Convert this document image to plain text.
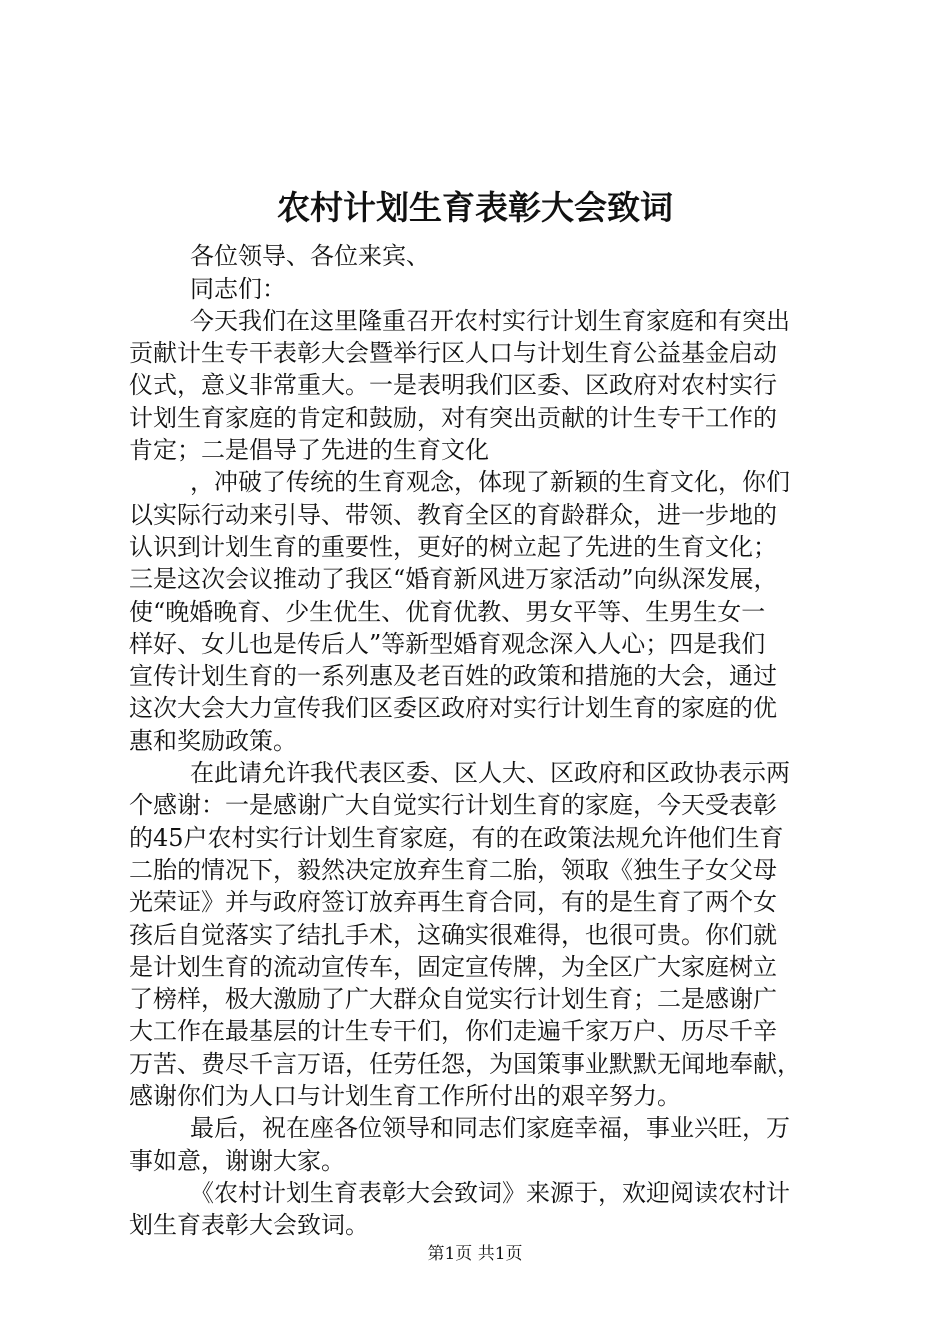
农村计划生育表彰大会致词
各位领导、各位来宾、
同志们：
今天我们在这里隆重召开农村实行计划生育家庭和有突出
贡献计生专干表彰大会暨举行区人口与计划生育公益基金启动
仪式，意义非常重大。一是表明我们区委、区政府对农村实行
计划生育家庭的肯定和鼓励，对有突出贡献的计生专干工作的
肯定；二是倡导了先进的生育文化
，冲破了传统的生育观念，体现了新颖的生育文化，你们
以实际行动来引导、带领、教育全区的育龄群众，进一步地的
认识到计划生育的重要性，更好的树立起了先进的生育文化；
三是这次会议推动了我区“婚育新风进万家活动”向纵深发展，
使“晚婚晚育、少生优生、优育优教、男女平等、生男生女一
样好、女儿也是传后人”等新型婚育观念深入人心；四是我们
宣传计划生育的一系列惠及老百姓的政策和措施的大会，通过
这次大会大力宣传我们区委区政府对实行计划生育的家庭的优
惠和奖励政策。
在此请允许我代表区委、区人大、区政府和区政协表示两
个感谢：一是感谢广大自觉实行计划生育的家庭，今天受表彰
的45户农村实行计划生育家庭，有的在政策法规允许他们生育
二胎的情况下，毅然决定放弃生育二胎，领取《独生子女父母
光荣证》并与政府签订放弃再生育合同，有的是生育了两个女
孩后自觉落实了结扎手术，这确实很难得，也很可贵。你们就
是计划生育的流动宣传车，固定宣传牌，为全区广大家庭树立
了榜样，极大激励了广大群众自觉实行计划生育；二是感谢广
大工作在最基层的计生专干们，你们走遍千家万户、历尽千辛
万苦、费尽千言万语，任劳任怨，为国策事业默默无闻地奉献，
感谢你们为人口与计划生育工作所付出的艰辛努力。
最后，祝在座各位领导和同志们家庭幸福，事业兴旺，万
事如意，谢谢大家。
《农村计划生育表彰大会致词》来源于，欢迎阅读农村计
划生育表彰大会致词。
第1页 共1页
